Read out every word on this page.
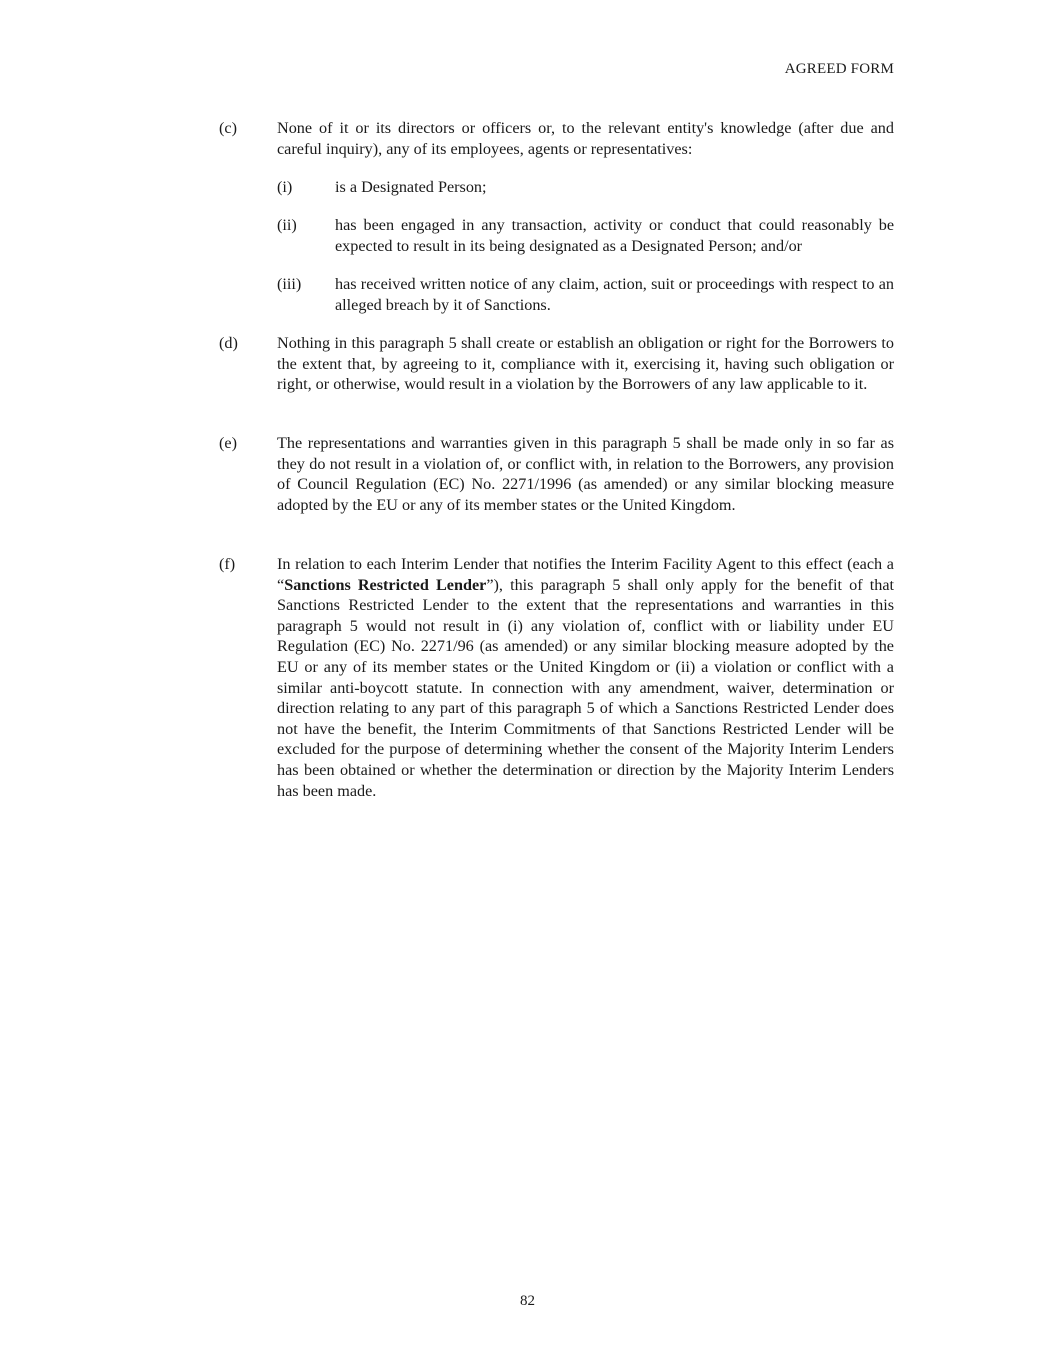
AGREED FORM
(c) None of it or its directors or officers or, to the relevant entity's knowledge (after due and careful inquiry), any of its employees, agents or representatives:
(i)	is a Designated Person;
(ii) has been engaged in any transaction, activity or conduct that could reasonably be expected to result in its being designated as a Designated Person; and/or
(iii) has received written notice of any claim, action, suit or proceedings with respect to an alleged breach by it of Sanctions.
(d) Nothing in this paragraph 5 shall create or establish an obligation or right for the Borrowers to the extent that, by agreeing to it, compliance with it, exercising it, having such obligation or right, or otherwise, would result in a violation by the Borrowers of any law applicable to it.
(e) The representations and warranties given in this paragraph 5 shall be made only in so far as they do not result in a violation of, or conflict with, in relation to the Borrowers, any provision of Council Regulation (EC) No. 2271/1996 (as amended) or any similar blocking measure adopted by the EU or any of its member states or the United Kingdom.
(f)	In relation to each Interim Lender that notifies the Interim Facility Agent to this effect (each a “Sanctions Restricted Lender”), this paragraph 5 shall only apply for the benefit of that Sanctions Restricted Lender to the extent that the representations and warranties in this paragraph 5 would not result in (i) any violation of, conflict with or liability under EU Regulation (EC) No. 2271/96 (as amended) or any similar blocking measure adopted by the EU or any of its member states or the United Kingdom or (ii) a violation or conflict with a similar anti-boycott statute. In connection with any amendment, waiver, determination or direction relating to any part of this paragraph 5 of which a Sanctions Restricted Lender does not have the benefit, the Interim Commitments of that Sanctions Restricted Lender will be excluded for the purpose of determining whether the consent of the Majority Interim Lenders has been obtained or whether the determination or direction by the Majority Interim Lenders has been made.
82
